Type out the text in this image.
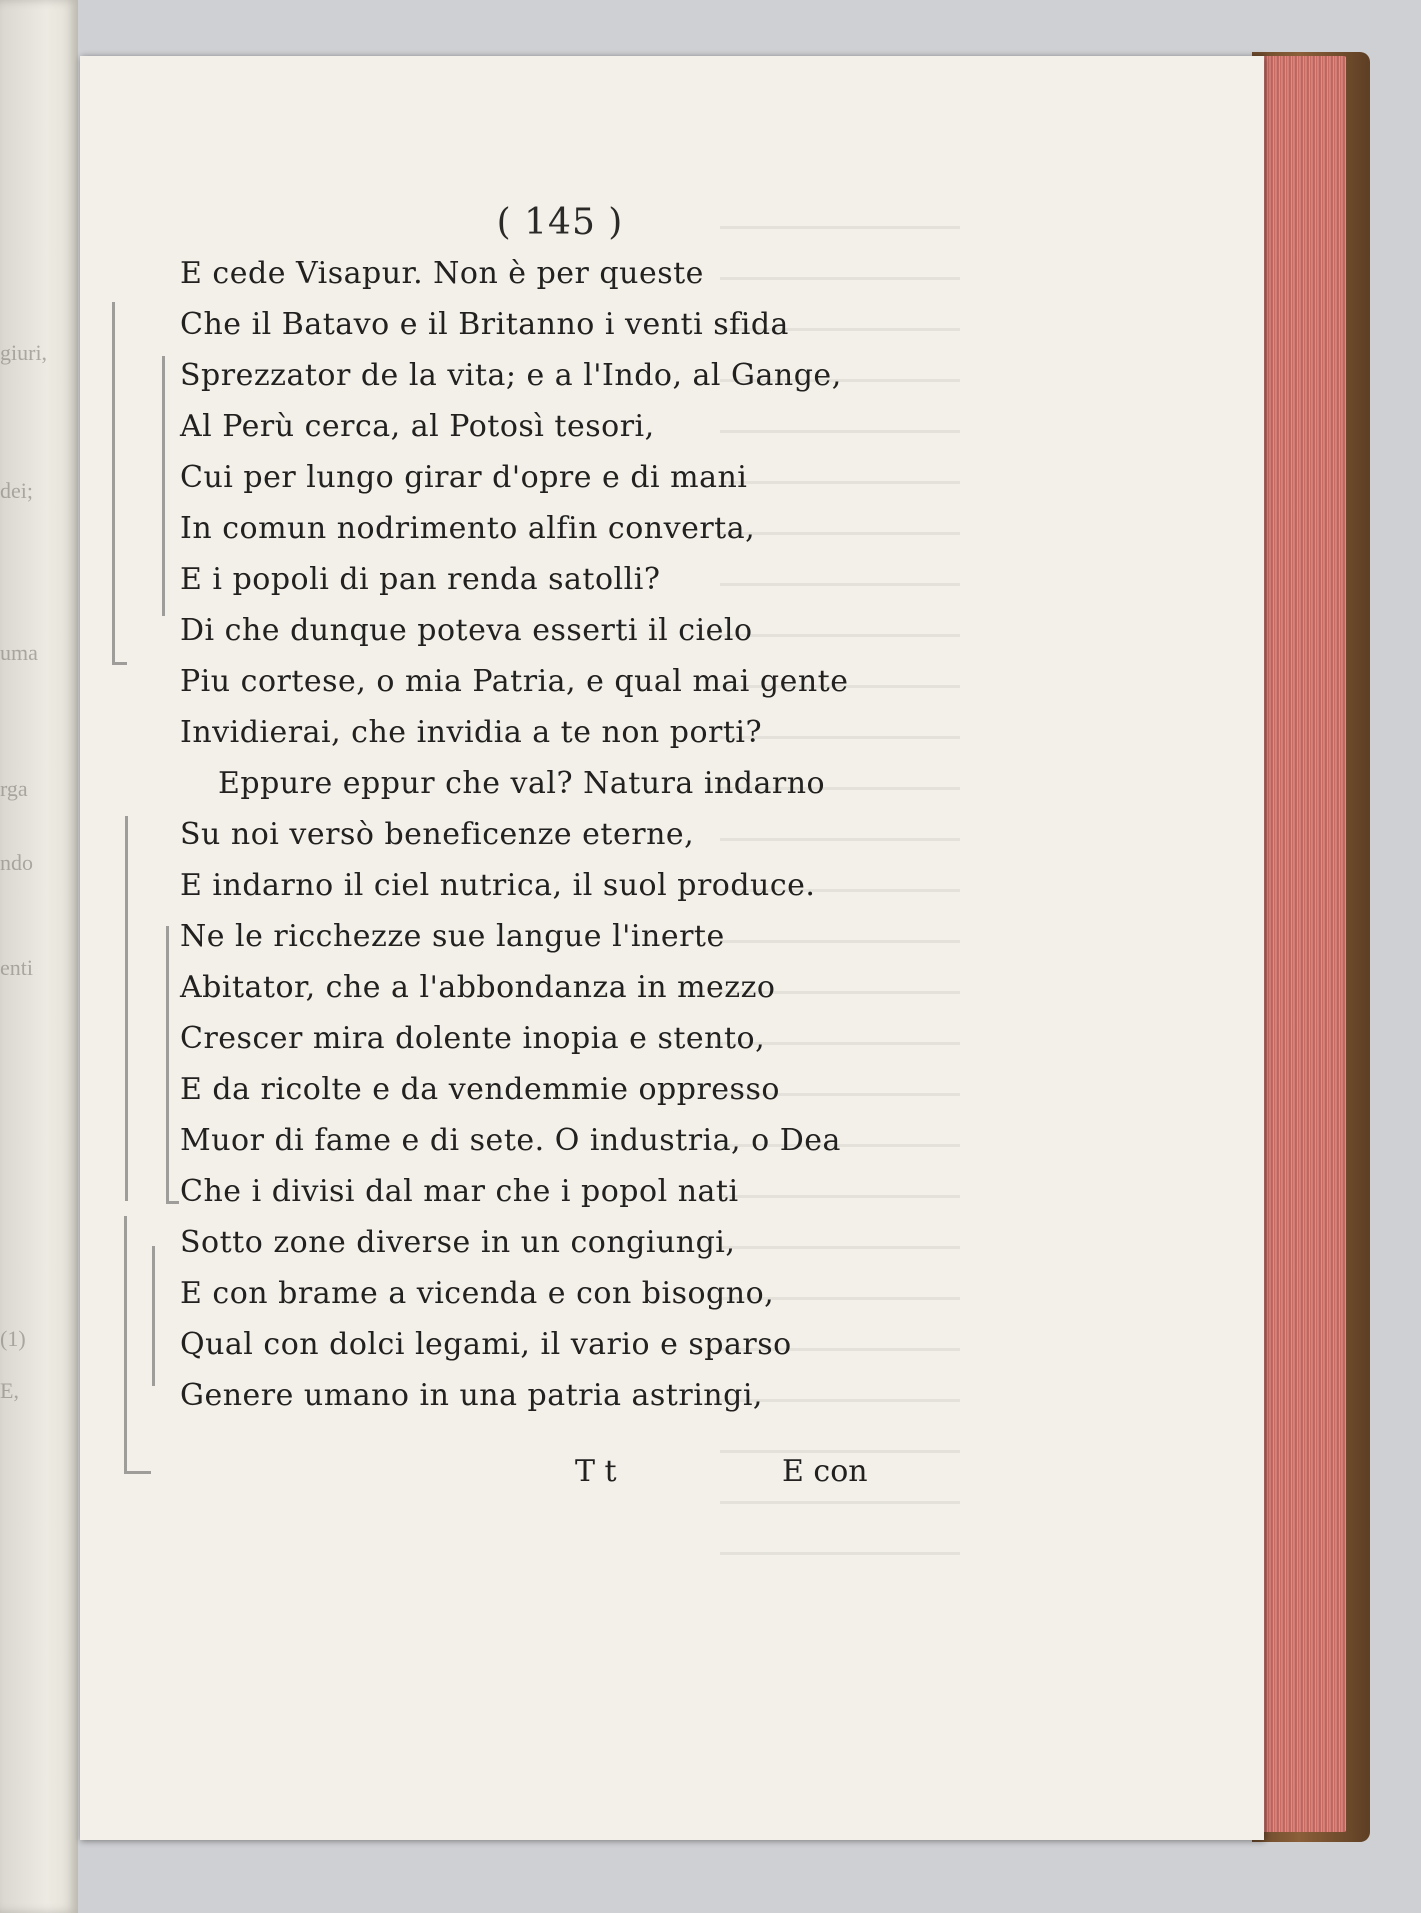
giuri,
dei;
uma
rga
ndo
enti
(1)
E,
( 145 )
E cede Visapur. Non è per queste
Che il Batavo e il Britanno i venti sfida
Sprezzator de la vita; e a l'Indo, al Gange,
Al Perù cerca, al Potosì tesori,
Cui per lungo girar d'opre e di mani
In comun nodrimento alfin converta,
E i popoli di pan renda satolli?
Di che dunque poteva esserti il cielo
Piu cortese, o mia Patria, e qual mai gente
Invidierai, che invidia a te non porti?
Eppure eppur che val? Natura indarno
Su noi versò beneficenze eterne,
E indarno il ciel nutrica, il suol produce.
Ne le ricchezze sue langue l'inerte
Abitator, che a l'abbondanza in mezzo
Crescer mira dolente inopia e stento,
E da ricolte e da vendemmie oppresso
Muor di fame e di sete. O industria, o Dea
Che i divisi dal mar che i popol nati
Sotto zone diverse in un congiungi,
E con brame a vicenda e con bisogno,
Qual con dolci legami, il vario e sparso
Genere umano in una patria astringi,
T t	E con
